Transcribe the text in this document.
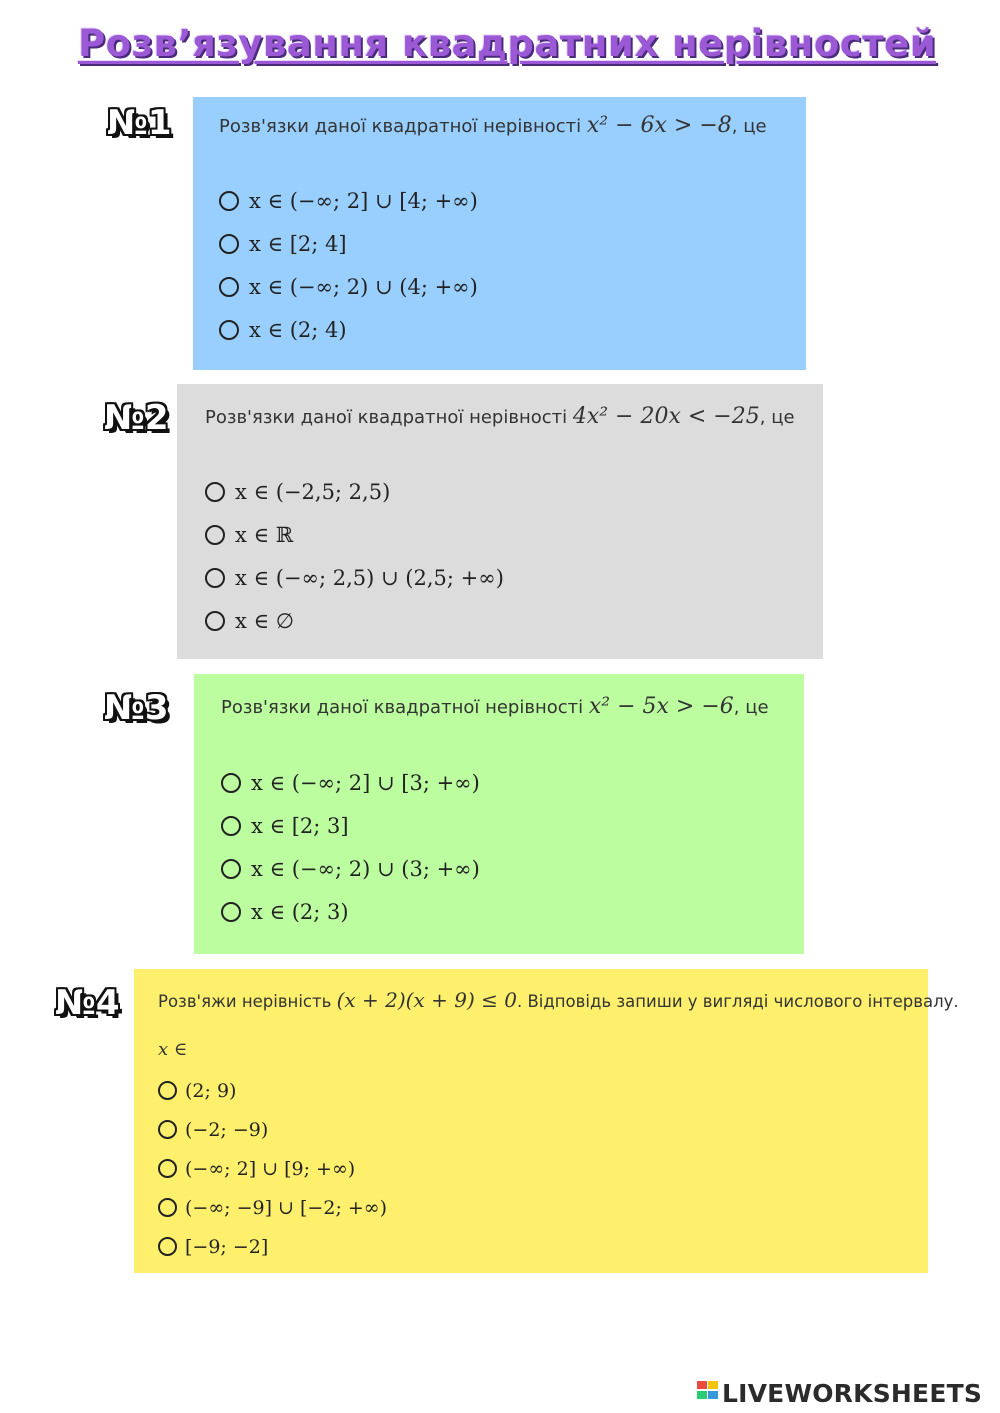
Розв’язування квадратних нерівностей
№1	Розв'язки даної квадратної нерівності x² − 6x > −8, це
x ∈ (−∞; 2] ∪ [4; +∞)
x ∈ [2; 4]
x ∈ (−∞; 2) ∪ (4; +∞)
x ∈ (2; 4)
№2 Розв'язки даної квадратної нерівності 4x² − 20x < −25, це
x ∈ (−2,5; 2,5)
x ∈ ℝ
x ∈ (−∞; 2,5) ∪ (2,5; +∞)
x ∈ ∅
№3	Розв'язки даної квадратної нерівності x² − 5x > −6, це
x ∈ (−∞; 2] ∪ [3; +∞)
x ∈ [2; 3]
x ∈ (−∞; 2) ∪ (3; +∞)
x ∈ (2; 3)
№4 Розв'яжи нерівність (x + 2)(x + 9) ≤ 0. Відповідь запиши у вигляді числового інтервалу.
x ∈
(2; 9)
(−2; −9)
(−∞; 2] ∪ [9; +∞)
(−∞; −9] ∪ [−2; +∞)
[−9; −2]
LIVEWORKSHEETS
